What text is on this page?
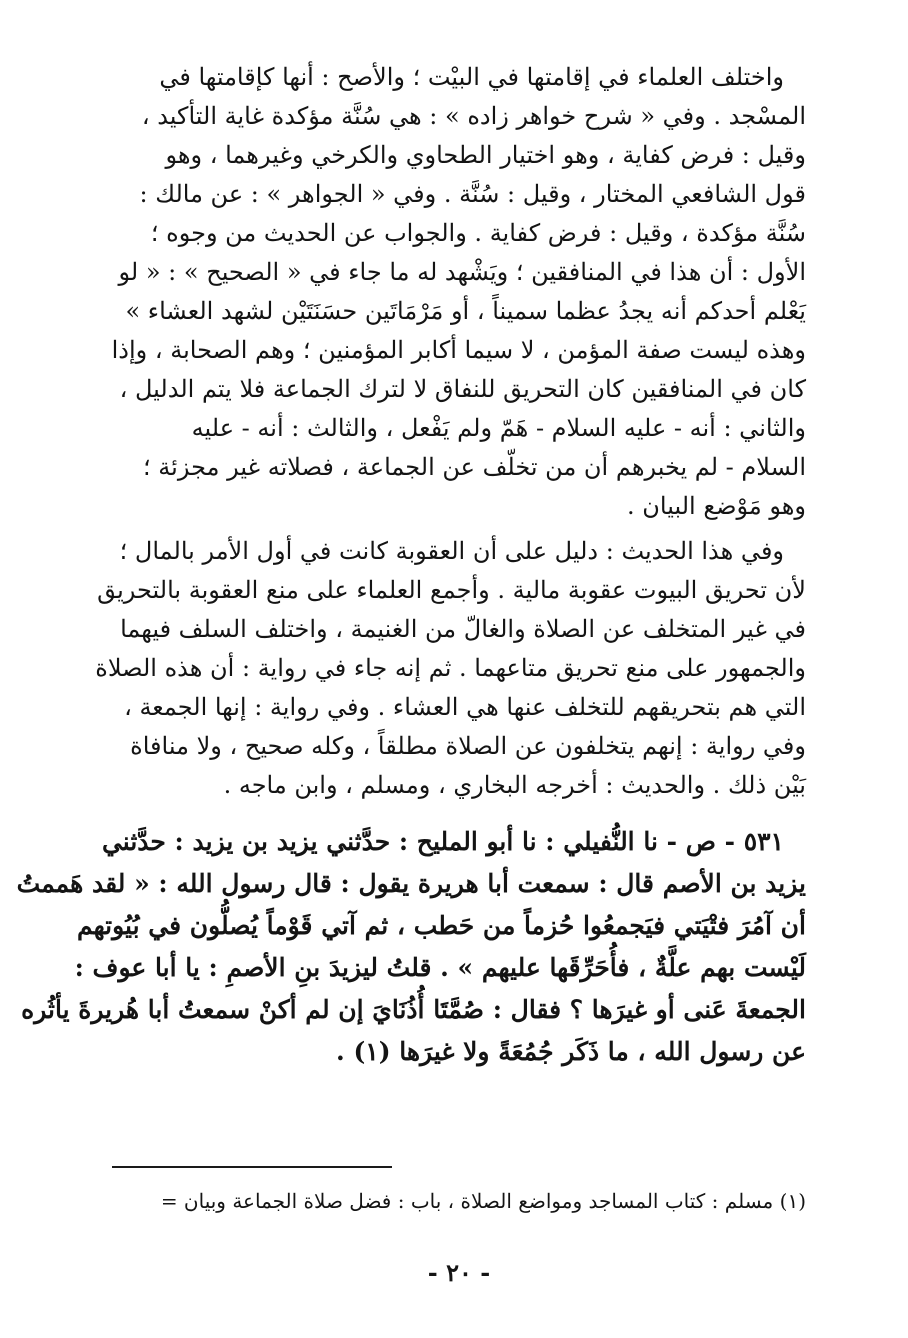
واختلف العلماء في إقامتها في البيْت ؛ والأصح : أنها كإقامتها في
المسْجد . وفي « شرح خواهر زاده » : هي سُنَّة مؤكدة غاية التأكيد ،
وقيل : فرض كفاية ، وهو اختيار الطحاوي والكرخي وغيرهما ، وهو
قول الشافعي المختار ، وقيل : سُنَّة . وفي « الجواهر » : عن مالك :
سُنَّة مؤكدة ، وقيل : فرض كفاية . والجواب عن الحديث من وجوه ؛
الأول : أن هذا في المنافقين ؛ ويَشْهد له ما جاء في « الصحيح » : « لو
يَعْلم أحدكم أنه يجدُ عظما سميناً ، أو مَرْمَاتَين حسَنَتَيْن لشهد العشاء »
وهذه ليست صفة المؤمن ، لا سيما أكابر المؤمنين ؛ وهم الصحابة ، وإذا
كان في المنافقين كان التحريق للنفاق لا لترك الجماعة فلا يتم الدليل ،
والثاني : أنه - عليه السلام - هَمّ ولم يَفْعل ، والثالث : أنه - عليه
السلام - لم يخبرهم أن من تخلّف عن الجماعة ، فصلاته غير مجزئة ؛
وهو مَوْضع البيان .
وفي هذا الحديث : دليل على أن العقوبة كانت في أول الأمر بالمال ؛
لأن تحريق البيوت عقوبة مالية . وأجمع العلماء على منع العقوبة بالتحريق
في غير المتخلف عن الصلاة والغالّ من الغنيمة ، واختلف السلف فيهما
والجمهور على منع تحريق متاعهما . ثم إنه جاء في رواية : أن هذه الصلاة
التي هم بتحريقهم للتخلف عنها هي العشاء . وفي رواية : إنها الجمعة ،
وفي رواية : إنهم يتخلفون عن الصلاة مطلقاً ، وكله صحيح ، ولا منافاة
بَيْن ذلك . والحديث : أخرجه البخاري ، ومسلم ، وابن ماجه .
٥٣١ - ص - نا النُّفيلي : نا أبو المليح : حدَّثني يزيد بن يزيد : حدَّثني
يزيد بن الأصم قال : سمعت أبا هريرة يقول : قال رسول الله : « لقد هَممتُ
أن آمُرَ فتْيَتي فيَجمعُوا حُزماً من حَطب ، ثم آتي قَوْماً يُصلُّون في بُيُوتهم
لَيْست بهم علَّةٌ ، فأُحَرِّقَها عليهم » . قلتُ ليزيدَ بنِ الأصمِ : يا أبا عوف :
الجمعةَ عَنى أو غيرَها ؟ فقال : صُمَّتَا أُذُنَايَ إن لم أكنْ سمعتُ أبا هُريرةَ يأثُره
عن رسول الله ، ما ذَكَر جُمُعَةً ولا غيرَها (١) .
(١) مسلم : كتاب المساجد ومواضع الصلاة ، باب : فضل صلاة الجماعة وبيان =
- ٢٠ -
